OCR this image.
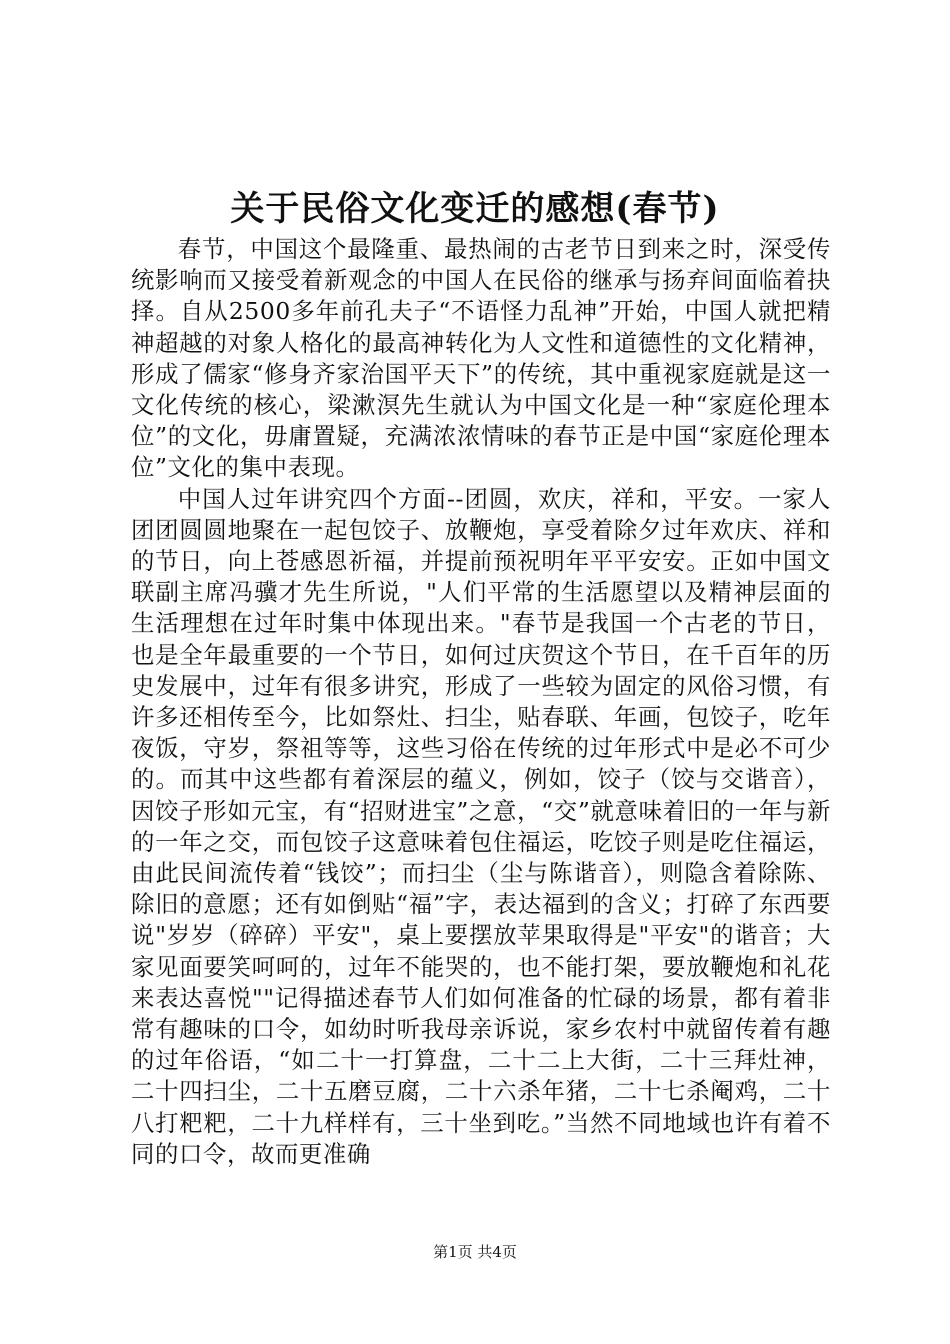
关于民俗文化变迁的感想(春节)

春节，中国这个最隆重、最热闹的古老节日到来之时，深受传统影响而又接受着新观念的中国人在民俗的继承与扬弃间面临着抉择。自从2500多年前孔夫子“不语怪力乱神”开始，中国人就把精神超越的对象人格化的最高神转化为人文性和道德性的文化精神，形成了儒家“修身齐家治国平天下”的传统，其中重视家庭就是这一文化传统的核心，梁漱溟先生就认为中国文化是一种“家庭伦理本位”的文化，毋庸置疑，充满浓浓情味的春节正是中国“家庭伦理本位”文化的集中表现。

中国人过年讲究四个方面--团圆，欢庆，祥和，平安。一家人团团圆圆地聚在一起包饺子、放鞭炮，享受着除夕过年欢庆、祥和的节日，向上苍感恩祈福，并提前预祝明年平平安安。正如中国文联副主席冯骥才先生所说，"人们平常的生活愿望以及精神层面的生活理想在过年时集中体现出来。"春节是我国一个古老的节日，也是全年最重要的一个节日，如何过庆贺这个节日，在千百年的历史发展中，过年有很多讲究，形成了一些较为固定的风俗习惯，有许多还相传至今，比如祭灶、扫尘，贴春联、年画，包饺子，吃年夜饭，守岁，祭祖等等，这些习俗在传统的过年形式中是必不可少的。而其中这些都有着深层的蕴义，例如，饺子（饺与交谐音），因饺子形如元宝，有“招财进宝”之意，“交”就意味着旧的一年与新的一年之交，而包饺子这意味着包住福运，吃饺子则是吃住福运，由此民间流传着“钱饺”；而扫尘（尘与陈谐音），则隐含着除陈、除旧的意愿；还有如倒贴“福”字，表达福到的含义；打碎了东西要说"岁岁（碎碎）平安"，桌上要摆放苹果取得是"平安"的谐音；大家见面要笑呵呵的，过年不能哭的，也不能打架，要放鞭炮和礼花来表达喜悦""记得描述春节人们如何准备的忙碌的场景，都有着非常有趣味的口令，如幼时听我母亲诉说，家乡农村中就留传着有趣的过年俗语，“如二十一打算盘，二十二上大街，二十三拜灶神，二十四扫尘，二十五磨豆腐，二十六杀年猪，二十七杀阉鸡，二十八打粑粑，二十九样样有，三十坐到吃。”当然不同地域也许有着不同的口令，故而更准确

第1页 共4页
